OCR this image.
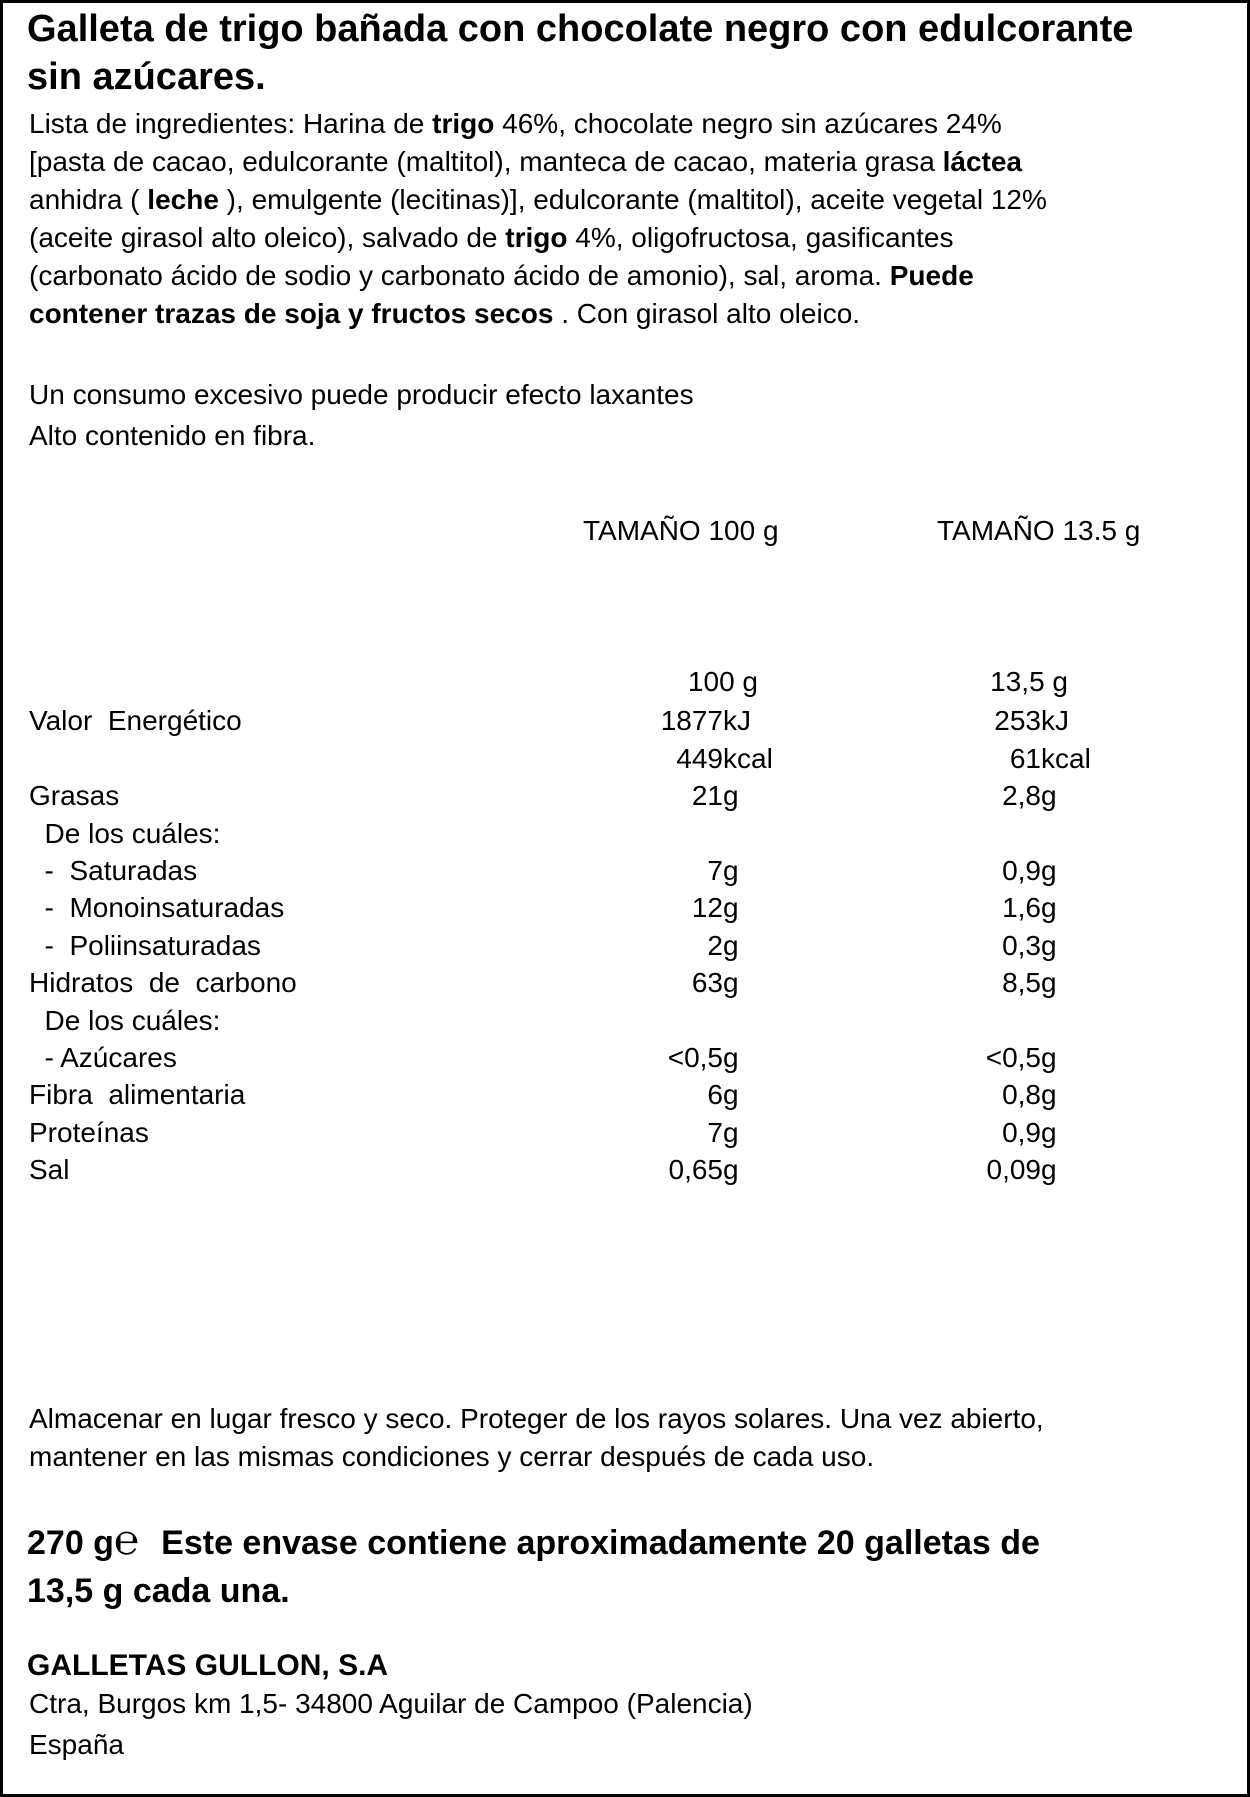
Galleta de trigo bañada con chocolate negro con edulcorante
sin azúcares.
Lista de ingredientes: Harina de trigo 46%, chocolate negro sin azúcares 24%
[pasta de cacao, edulcorante (maltitol), manteca de cacao, materia grasa láctea
anhidra ( leche ), emulgente (lecitinas)], edulcorante (maltitol), aceite vegetal 12%
(aceite girasol alto oleico), salvado de trigo 4%, oligofructosa, gasificantes
(carbonato ácido de sodio y carbonato ácido de amonio), sal, aroma. Puede
contener trazas de soja y fructos secos . Con girasol alto oleico.
Un consumo excesivo puede producir efecto laxantes
Alto contenido en fibra.
TAMAÑO 100 g	TAMAÑO 13.5 g
Almacenar en lugar fresco y seco. Proteger de los rayos solares. Una vez abierto,
mantener en las mismas condiciones y cerrar después de cada uso.
270 g℮ Este envase contiene aproximadamente 20 galletas de
13,5 g cada una.
GALLETAS GULLON, S.A
Ctra, Burgos km 1,5- 34800 Aguilar de Campoo (Palencia)
España
100 g	13,5 g
Valor  Energético	1877 kJ	253 kJ
449 kcal	61 kcal
Grasas	21 g	2,8 g
De los cuáles:
-  Saturadas	7 g	0,9 g
-  Monoinsaturadas	12 g	1,6 g
-  Poliinsaturadas	2 g	0,3 g
Hidratos  de  carbono	63 g	8,5 g
De los cuáles:
- Azúcares	<0,5 g	<0,5 g
Fibra  alimentaria	6 g	0,8 g
Proteínas	7 g	0,9 g
Sal	0,65 g	0,09 g
